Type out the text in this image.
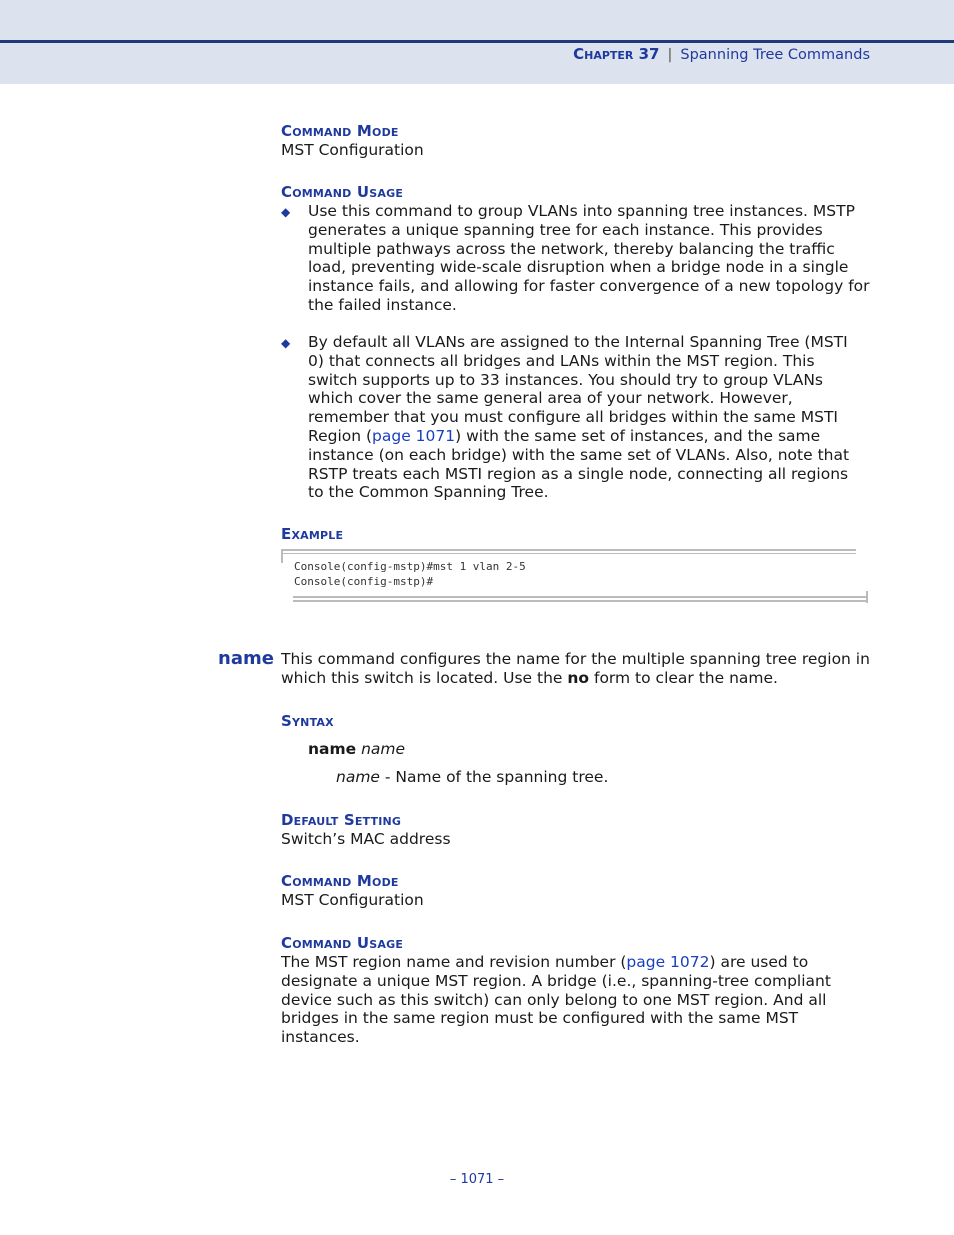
Chapter 37 | Spanning Tree Commands
Command Mode
MST Configuration
Command Usage
◆ Use this command to group VLANs into spanning tree instances. MSTP
generates a unique spanning tree for each instance. This provides
multiple pathways across the network, thereby balancing the traffic
load, preventing wide-scale disruption when a bridge node in a single
instance fails, and allowing for faster convergence of a new topology for
the failed instance.
◆ By default all VLANs are assigned to the Internal Spanning Tree (MSTI
0) that connects all bridges and LANs within the MST region. This
switch supports up to 33 instances. You should try to group VLANs
which cover the same general area of your network. However,
remember that you must configure all bridges within the same MSTI
Region (page 1071) with the same set of instances, and the same
instance (on each bridge) with the same set of VLANs. Also, note that
RSTP treats each MSTI region as a single node, connecting all regions
to the Common Spanning Tree.
Example
Console(config-mstp)#mst 1 vlan 2-5
Console(config-mstp)#
name This command configures the name for the multiple spanning tree region in
which this switch is located. Use the no form to clear the name.
Syntax
name name
name - Name of the spanning tree.
Default Setting
Switch’s MAC address
Command Mode
MST Configuration
Command Usage
The MST region name and revision number (page 1072) are used to
designate a unique MST region. A bridge (i.e., spanning-tree compliant
device such as this switch) can only belong to one MST region. And all
bridges in the same region must be configured with the same MST
instances.
– 1071 –
